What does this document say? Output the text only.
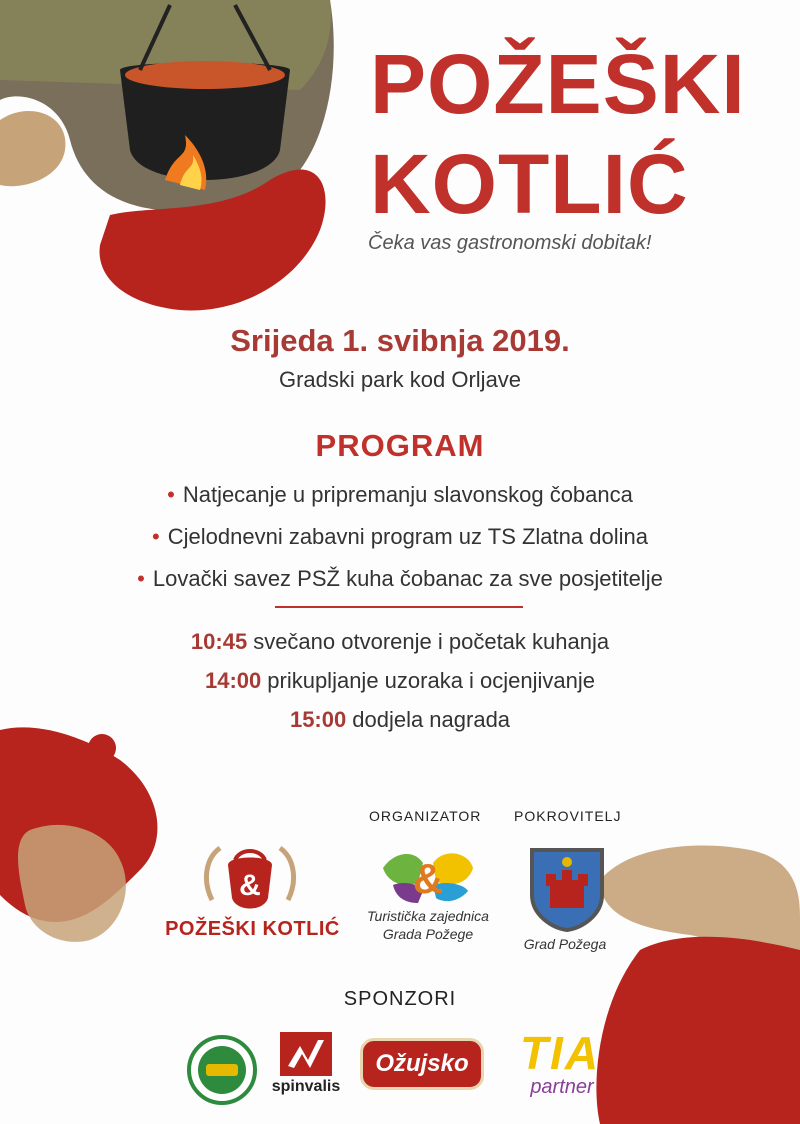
POŽEŠKI
KOTLIĆ
Čeka vas gastronomski dobitak!
Srijeda 1. svibnja 2019.
Gradski park kod Orljave
PROGRAM
• Natjecanje u pripremanju slavonskog čobanca
• Cjelodnevni zabavni program uz TS Zlatna dolina
• Lovački savez PSŽ kuha čobanac za sve posjetitelje
10:45 svečano otvorenje i početak kuhanja
14:00 prikupljanje uzoraka i ocjenjivanje
15:00 dodjela nagrada
ORGANIZATOR POKROVITELJ
&
POŽEŠKI KOTLIĆ
&
Turistička zajednica
Grada Požege
Grad Požega
SPONZORI
spinvalis
Ožujsko	TIA
partner
